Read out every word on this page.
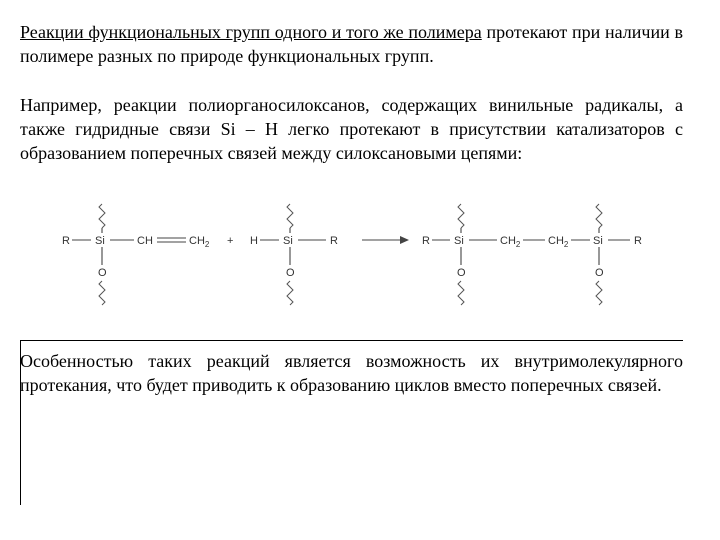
Реакции функциональных групп одного и того же полимера протекают при наличии в полимере разных по природе функциональных групп.

Например, реакции полиорганосилоксанов, содержащих винильные радикалы, а также гидридные связи Si – H легко протекают в присутствии катализаторов с образованием поперечных связей между силоксановыми цепями:

R Si	CH	$CH_2$
O
+ H Si	R
O
R Si	$CH_2$	$CH_2$ Si	R
O	O

Особенностью таких реакций является возможность их внутримолекулярного протекания, что будет приводить к образованию циклов вместо поперечных связей.
